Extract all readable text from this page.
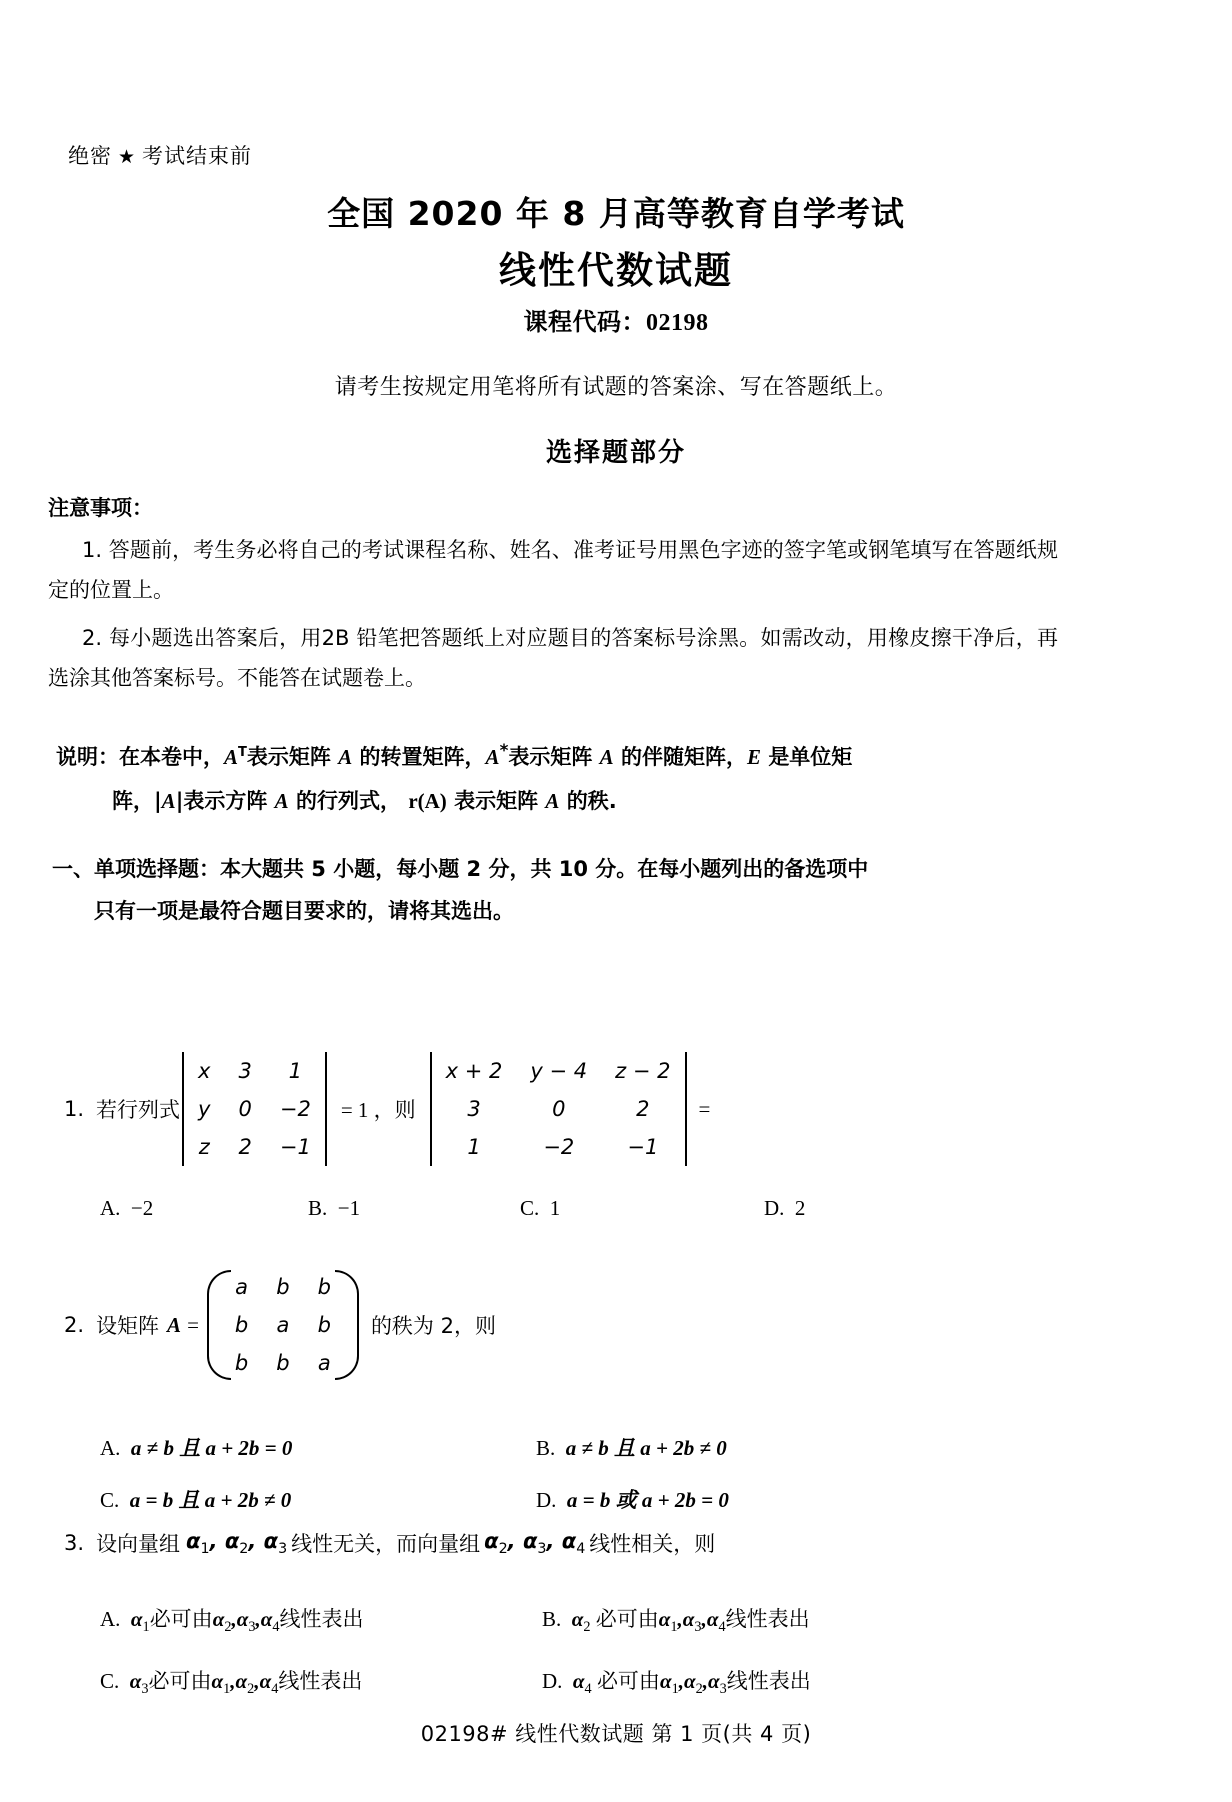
绝密 ★ 考试结束前
全国 2020 年 8 月高等教育自学考试
线性代数试题
课程代码：02198
请考生按规定用笔将所有试题的答案涂、写在答题纸上。
选择题部分
注意事项：
1. 答题前，考生务必将自己的考试课程名称、姓名、准考证号用黑色字迹的签字笔或钢笔填写在答题纸规定的位置上。
2. 每小题选出答案后，用2B 铅笔把答题纸上对应题目的答案标号涂黑。如需改动，用橡皮擦干净后，再选涂其他答案标号。不能答在试题卷上。
说明：在本卷中，$A^T$表示矩阵 A 的转置矩阵，A*表示矩阵 A 的伴随矩阵，E 是单位矩
阵，|A|表示方阵 A 的行列式， r(A) 表示矩阵 A 的秩.
一、单项选择题：本大题共 5 小题，每小题 2 分，共 10 分。在每小题列出的备选项中
只有一项是最符合题目要求的，请将其选出。
1. 若行列式
x	3	1
y	0	−2
z	2	−1
= 1 ，则
x + 2	y − 4	z − 2
3	0	2
1	−2	−1
=
A. −2	B. −1	C. 1	D. 2
2. 设矩阵 A =
a	b	b
b	a	b
b	b	a
的秩为 2，则
A. a ≠ b 且 a + 2b = 0	B. a ≠ b 且 a + 2b ≠ 0
C. a = b 且 a + 2b ≠ 0	D. a = b 或 a + 2b = 0
3. 设向量组 $\alpha_1$, $\alpha_2$, $\alpha_3$ 线性无关，而向量组 $\alpha_2$, $\alpha_3$, $\alpha_4$ 线性相关，则
A. $\alpha_1$必可由$\alpha_2,\alpha_3,\alpha_4$线性表出	B. $\alpha_2$ 必可由$\alpha_1,\alpha_3,\alpha_4$线性表出
C. $\alpha_3$必可由$\alpha_1,\alpha_2,\alpha_4$线性表出	D. $\alpha_4$ 必可由$\alpha_1,\alpha_2,\alpha_3$线性表出
02198# 线性代数试题 第 1 页(共 4 页)
